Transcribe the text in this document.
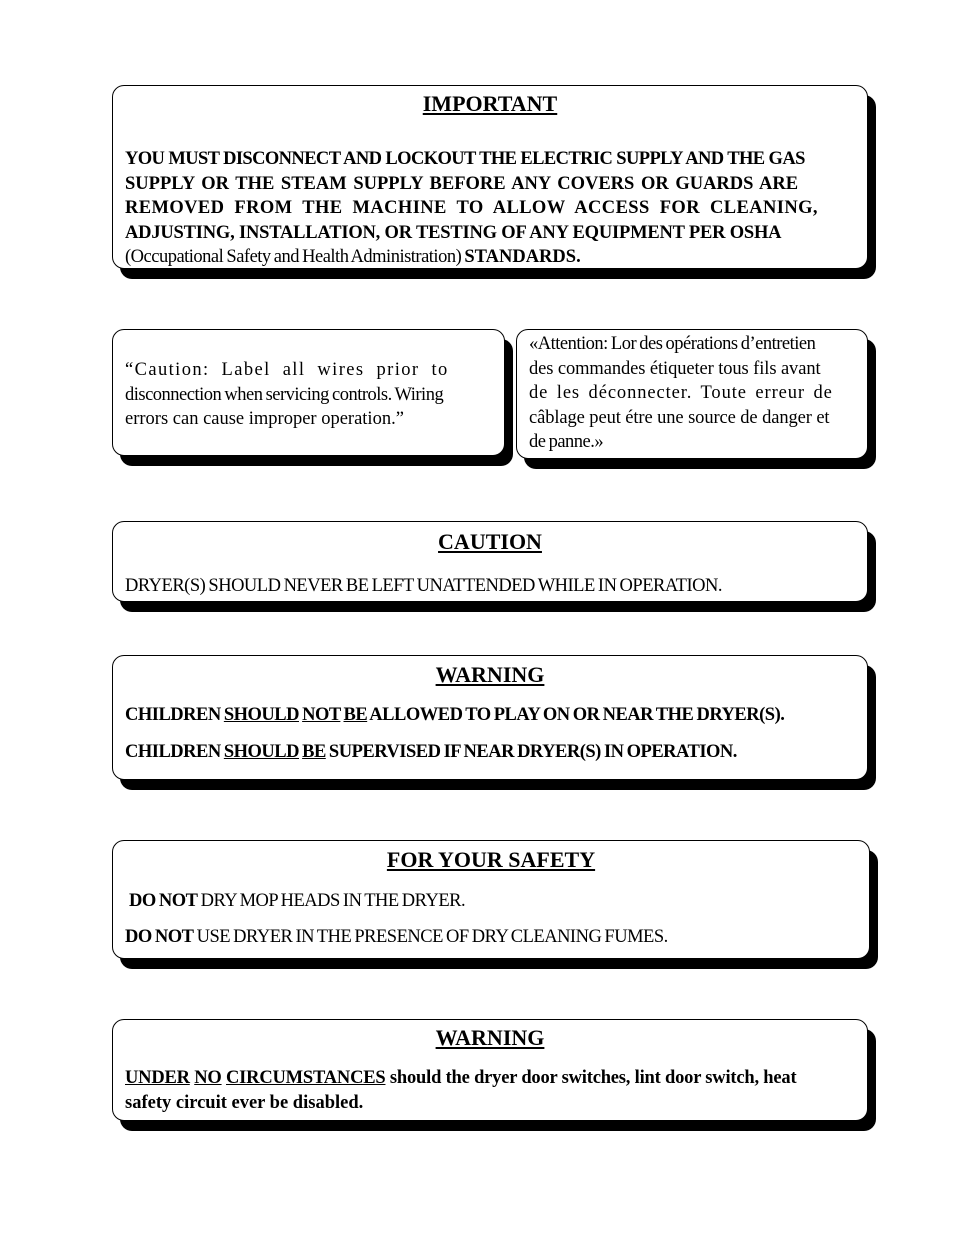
IMPORTANT

YOU MUST DISCONNECT AND LOCKOUT THE ELECTRIC SUPPLY AND THE GAS
SUPPLY OR THE STEAM SUPPLY BEFORE ANY COVERS OR GUARDS ARE
REMOVED FROM THE MACHINE TO ALLOW ACCESS FOR CLEANING,
ADJUSTING, INSTALLATION, OR TESTING OF ANY EQUIPMENT PER OSHA
(Occupational Safety and Health Administration) STANDARDS.
“Caution: Label all wires prior to
disconnection when servicing controls. Wiring
errors can cause improper operation.”
«Attention: Lor des opérations d’entretien
des commandes étiqueter tous fils avant
de les déconnecter. Toute erreur de
câblage peut étre une source de danger et
de panne.»

CAUTION

DRYER(S) SHOULD NEVER BE LEFT UNATTENDED WHILE IN OPERATION.

WARNING

CHILDREN SHOULD NOT BE ALLOWED TO PLAY ON OR NEAR THE DRYER(S).
CHILDREN SHOULD BE SUPERVISED IF NEAR DRYER(S) IN OPERATION.

FOR YOUR SAFETY

DO NOT DRY MOP HEADS IN THE DRYER.
DO NOT USE DRYER IN THE PRESENCE OF DRY CLEANING FUMES.

WARNING

UNDER NO CIRCUMSTANCES should the dryer door switches, lint door switch, heat
safety circuit ever be disabled.
